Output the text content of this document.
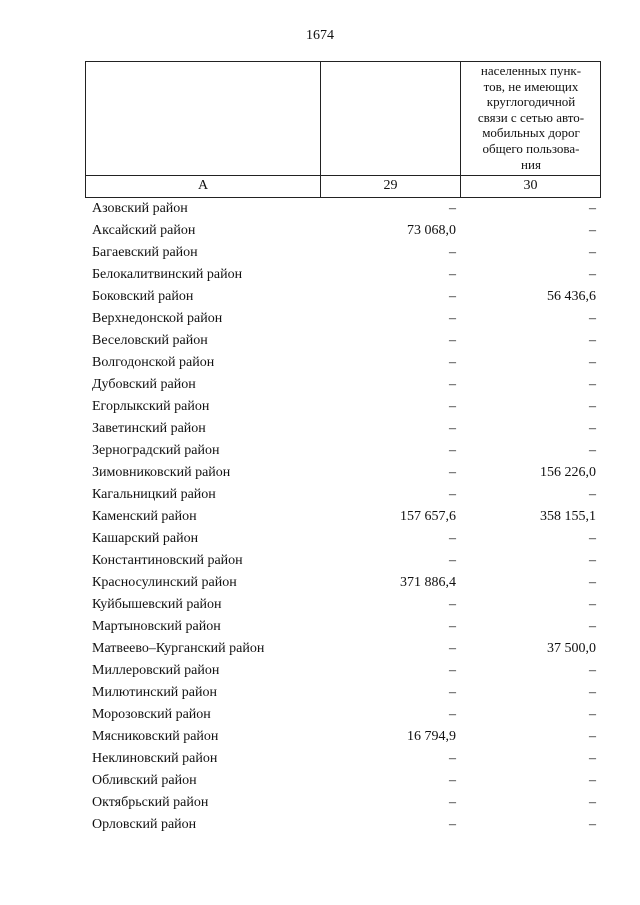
1674
населенных пунк-
тов, не имеющих
круглогодичной
связи с сетью авто-
мобильных дорог
общего пользова-
ния
А	29	30
Азовский район	–	–
Аксайский район	73 068,0	–
Багаевский район	–	–
Белокалитвинский район	–	–
Боковский район	–	56 436,6
Верхнедонской район	–	–
Веселовский район	–	–
Волгодонской район	–	–
Дубовский район	–	–
Егорлыкский район	–	–
Заветинский район	–	–
Зерноградский район	–	–
Зимовниковский район	–	156 226,0
Кагальницкий район	–	–
Каменский район	157 657,6	358 155,1
Кашарский район	–	–
Константиновский район	–	–
Красносулинский район	371 886,4	–
Куйбышевский район	–	–
Мартыновский район	–	–
Матвеево–Курганский район	–	37 500,0
Миллеровский район	–	–
Милютинский район	–	–
Морозовский район	–	–
Мясниковский район	16 794,9	–
Неклиновский район	–	–
Обливский район	–	–
Октябрьский район	–	–
Орловский район	–	–
